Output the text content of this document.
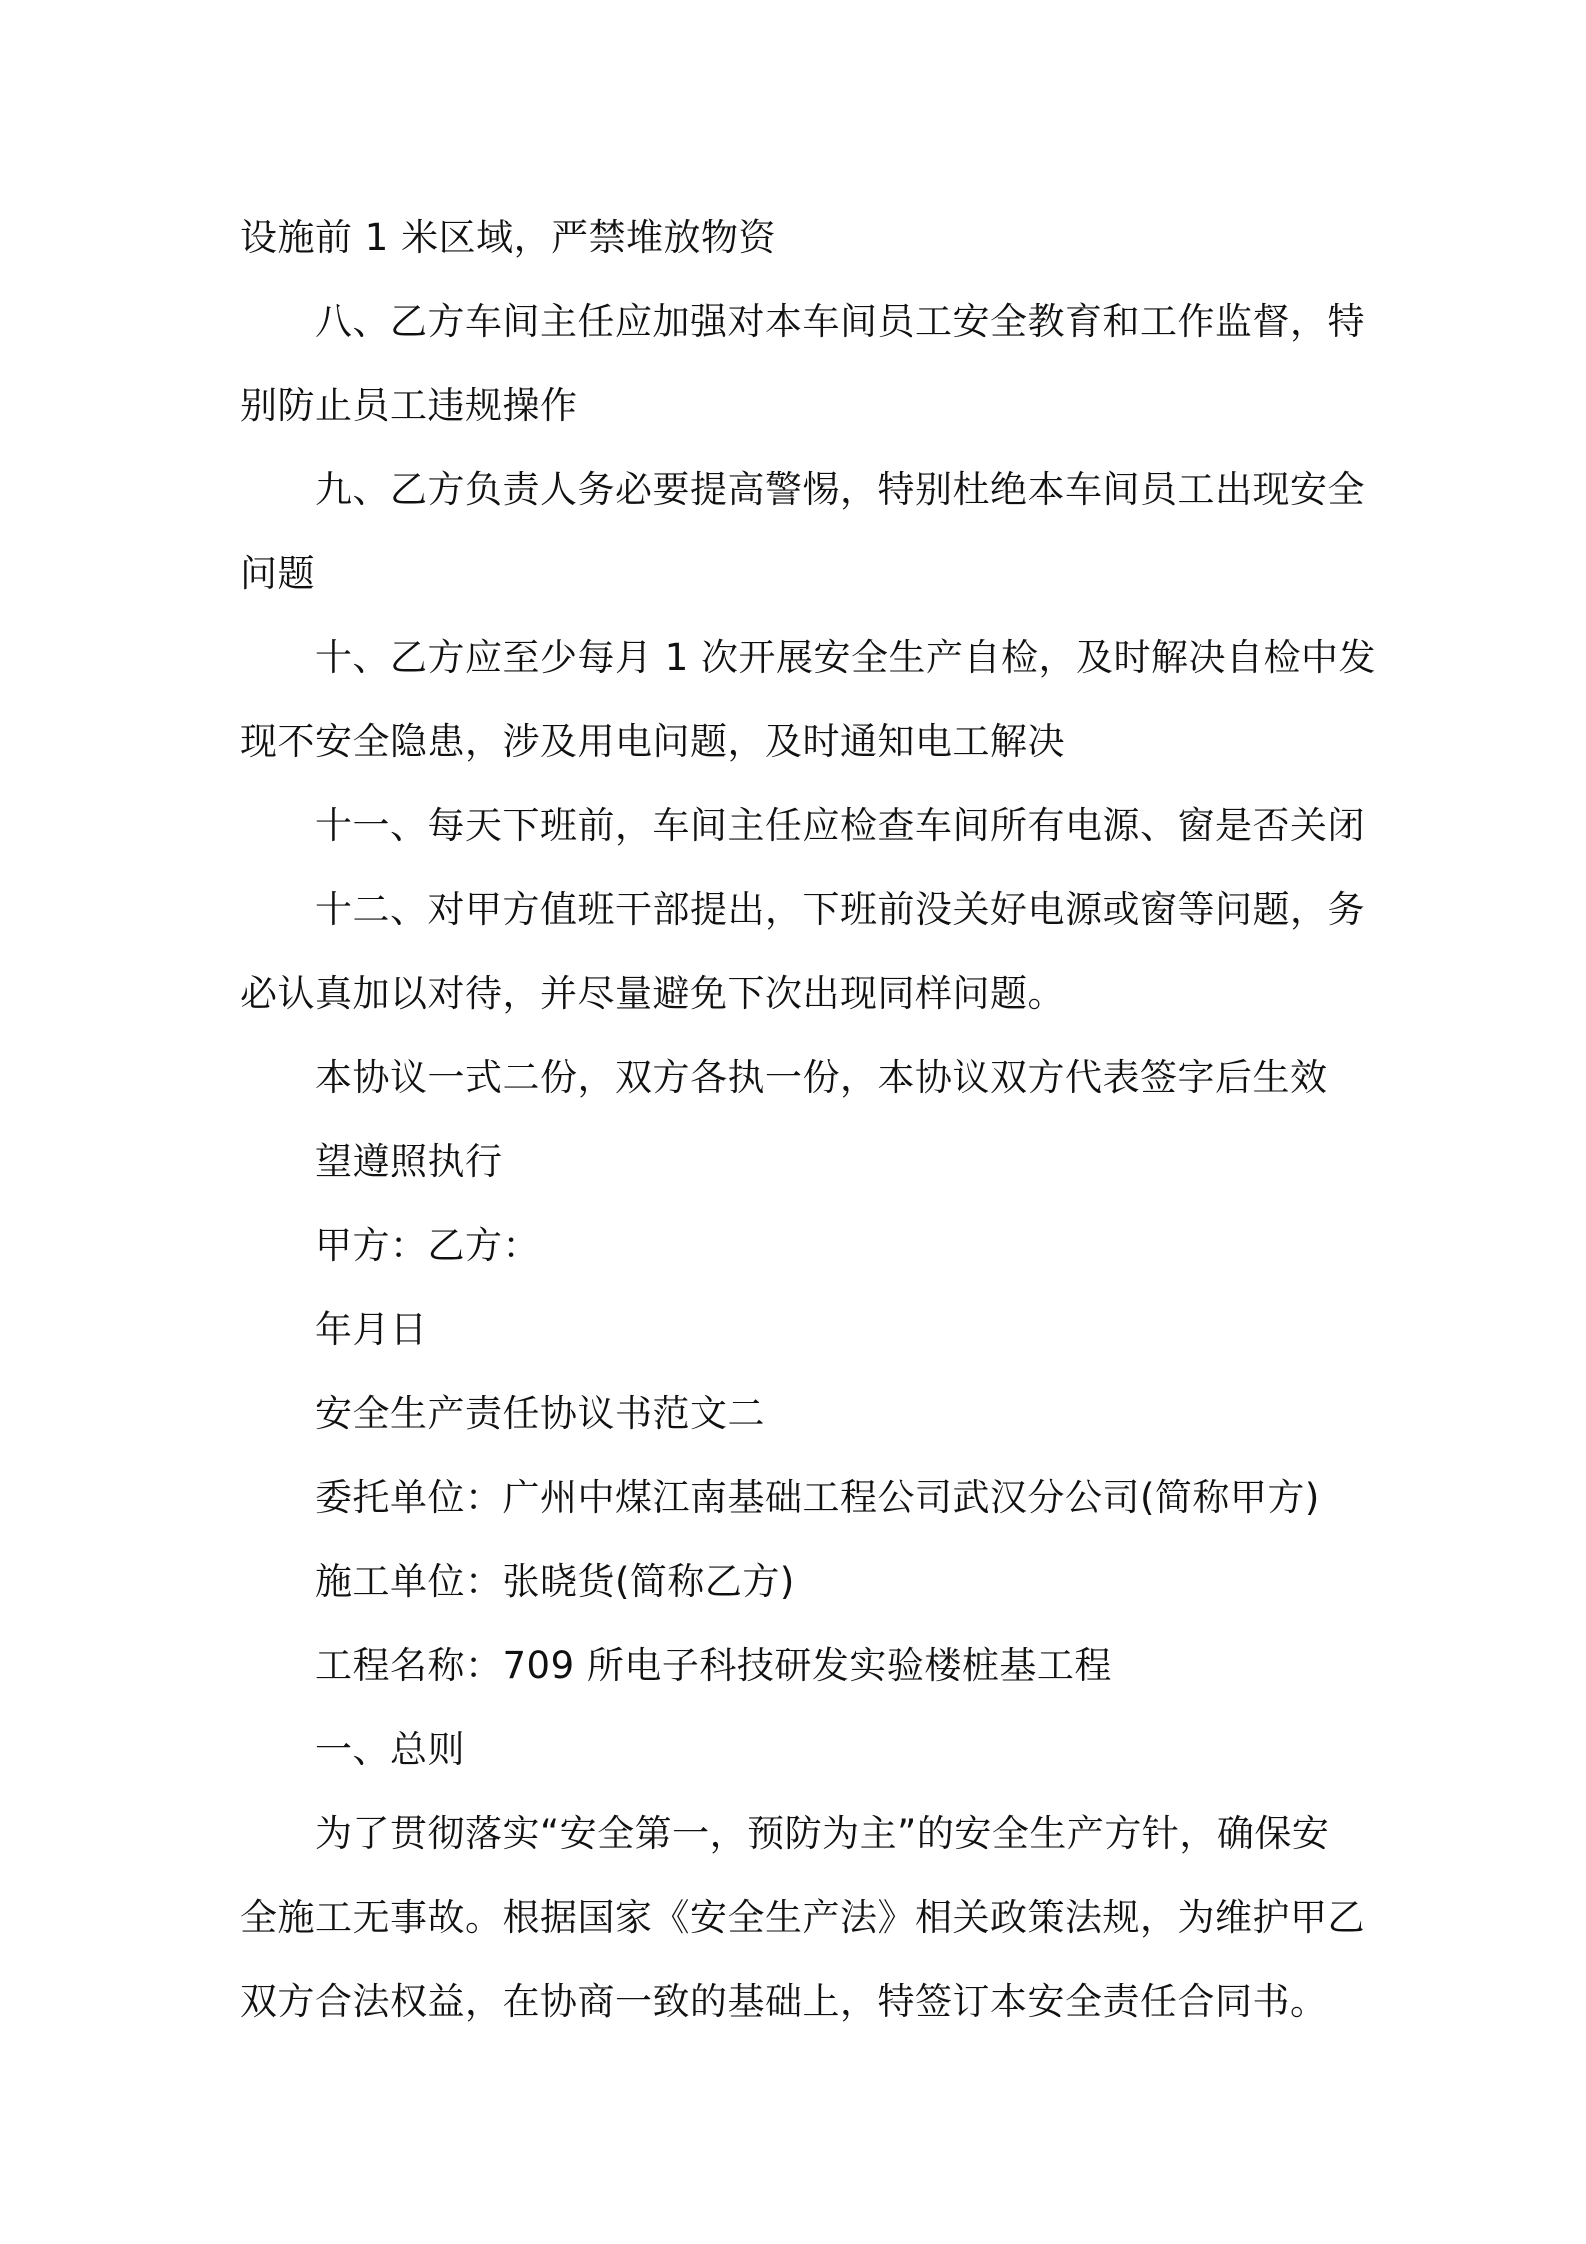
设施前 1 米区域，严禁堆放物资

八、乙方车间主任应加强对本车间员工安全教育和工作监督，特

别防止员工违规操作

九、乙方负责人务必要提高警惕，特别杜绝本车间员工出现安全

问题

十、乙方应至少每月 1 次开展安全生产自检，及时解决自检中发

现不安全隐患，涉及用电问题，及时通知电工解决

十一、每天下班前，车间主任应检查车间所有电源、窗是否关闭

十二、对甲方值班干部提出，下班前没关好电源或窗等问题，务

必认真加以对待，并尽量避免下次出现同样问题。

本协议一式二份，双方各执一份，本协议双方代表签字后生效

望遵照执行

甲方：乙方：

年月日

安全生产责任协议书范文二

委托单位：广州中煤江南基础工程公司武汉分公司(简称甲方)

施工单位：张晓货(简称乙方)

工程名称：709 所电子科技研发实验楼桩基工程

一、总则

为了贯彻落实“安全第一，预防为主”的安全生产方针，确保安

全施工无事故。根据国家《安全生产法》相关政策法规，为维护甲乙

双方合法权益，在协商一致的基础上，特签订本安全责任合同书。
